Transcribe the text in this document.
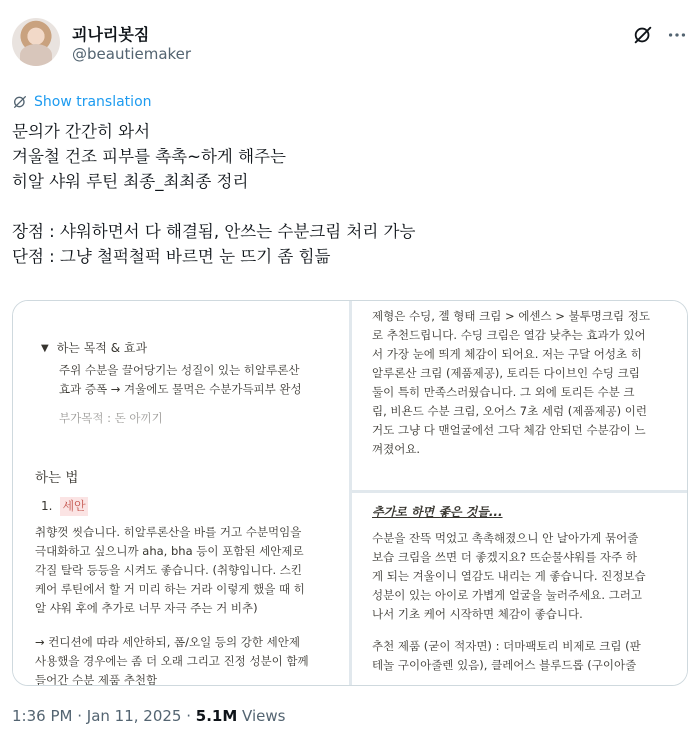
괴나리봇짐
@beautiemaker
Show translation
문의가 간간히 와서
겨울철 건조 피부를 촉촉~하게 해주는
히알 샤워 루틴 최종_최최종 정리
장점 : 샤워하면서 다 해결됨, 안쓰는 수분크림 처리 가능
단점 : 그냥 철퍽철퍽 바르면 눈 뜨기 좀 힘듦
▼ 하는 목적 & 효과
주위 수분을 끌어당기는 성질이 있는 히알루론산
효과 증폭 → 겨울에도 물먹은 수분가득피부 완성
부가목적 : 돈 아끼기
하는 법
1. 세안
취향껏 씻습니다. 히알루론산을 바를 거고 수분먹임을
극대화하고 싶으니까 aha, bha 등이 포함된 세안제로
각질 탈락 등등을 시켜도 좋습니다. (취향입니다. 스킨
케어 루틴에서 할 거 미리 하는 거라 이렇게 했을 때 히
알 샤워 후에 추가로 너무 자극 주는 거 비추)
→ 컨디션에 따라 세안하되, 폼/오일 등의 강한 세안제
사용했을 경우에는 좀 더 오래 그리고 진정 성분이 함께
들어간 수분 제품 추천함
제형은 수딩, 젤 형태 크림 > 에센스 > 불투명크림 정도
로 추천드립니다. 수딩 크림은 열감 낮추는 효과가 있어
서 가장 눈에 띄게 체감이 되어요. 저는 구달 어성초 히
알루론산 크림 (제품제공), 토리든 다이브인 수딩 크림
둘이 특히 만족스러웠습니다. 그 외에 토리든 수분 크
림, 비욘드 수분 크림, 오어스 7초 세럼 (제품제공) 이런
거도 그냥 다 맨얼굴에선 그닥 체감 안되던 수분감이 느
껴졌어요.
추가로 하면 좋은 것들...
수분을 잔뜩 먹었고 촉촉해졌으니 안 날아가게 묶어줄
보습 크림을 쓰면 더 좋겠지요? 뜨순물샤워를 자주 하
게 되는 겨울이니 열감도 내리는 게 좋습니다. 진정보습
성분이 있는 아이로 가볍게 얼굴을 눌러주세요. 그러고
나서 기초 케어 시작하면 체감이 좋습니다.
추천 제품 (굳이 적자면) : 더마팩토리 비제로 크림 (판
테놀 구이아줄렌 있음), 클레어스 블루드롭 (구이아줄
1:36 PM · Jan 11, 2025 · 5.1M Views
